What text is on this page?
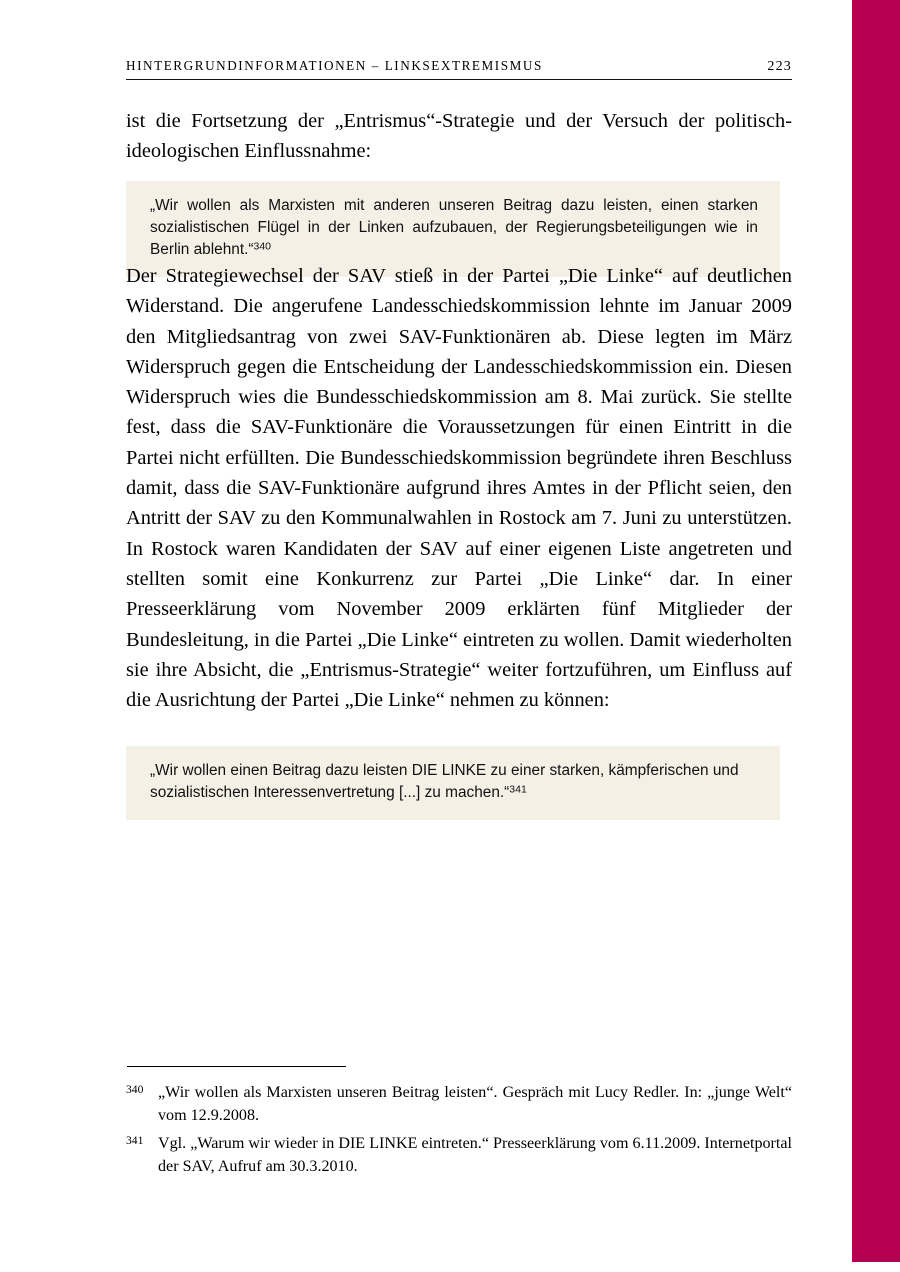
HINTERGRUNDINFORMATIONEN – LINKSEXTREMISMUS	223

ist die Fortsetzung der „Entrismus“-Strategie und der Versuch der politisch-ideologischen Einflussnahme:

„Wir wollen als Marxisten mit anderen unseren Beitrag dazu leisten, einen starken sozialistischen Flügel in der Linken aufzubauen, der Regierungsbeteiligungen wie in Berlin ablehnt.“$^{340}$

Der Strategiewechsel der SAV stieß in der Partei „Die Linke“ auf deutlichen Widerstand. Die angerufene Landesschiedskommission lehnte im Januar 2009 den Mitgliedsantrag von zwei SAV-Funktionären ab. Diese legten im März Widerspruch gegen die Entscheidung der Landesschiedskommission ein. Diesen Widerspruch wies die Bundesschiedskommission am 8. Mai zurück. Sie stellte fest, dass die SAV-Funktionäre die Voraussetzungen für einen Eintritt in die Partei nicht erfüllten. Die Bundesschiedskommission begründete ihren Beschluss damit, dass die SAV-Funktionäre aufgrund ihres Amtes in der Pflicht seien, den Antritt der SAV zu den Kommunalwahlen in Rostock am 7. Juni zu unterstützen. In Rostock waren Kandidaten der SAV auf einer eigenen Liste angetreten und stellten somit eine Konkurrenz zur Partei „Die Linke“ dar. In einer Presseerklärung vom November 2009 erklärten fünf Mitglieder der Bundesleitung, in die Partei „Die Linke“ eintreten zu wollen. Damit wiederholten sie ihre Absicht, die „Entrismus-Strategie“ weiter fortzuführen, um Einfluss auf die Ausrichtung der Partei „Die Linke“ nehmen zu können:

„Wir wollen einen Beitrag dazu leisten DIE LINKE zu einer starken, kämpferischen und sozialistischen Interessenvertretung [...] zu machen.“$^{341}$

340 „Wir wollen als Marxisten unseren Beitrag leisten“. Gespräch mit Lucy Redler. In: „junge Welt“ vom 12.9.2008.
341 Vgl. „Warum wir wieder in DIE LINKE eintreten.“ Presseerklärung vom 6.11.2009. Internetportal der SAV, Aufruf am 30.3.2010.
